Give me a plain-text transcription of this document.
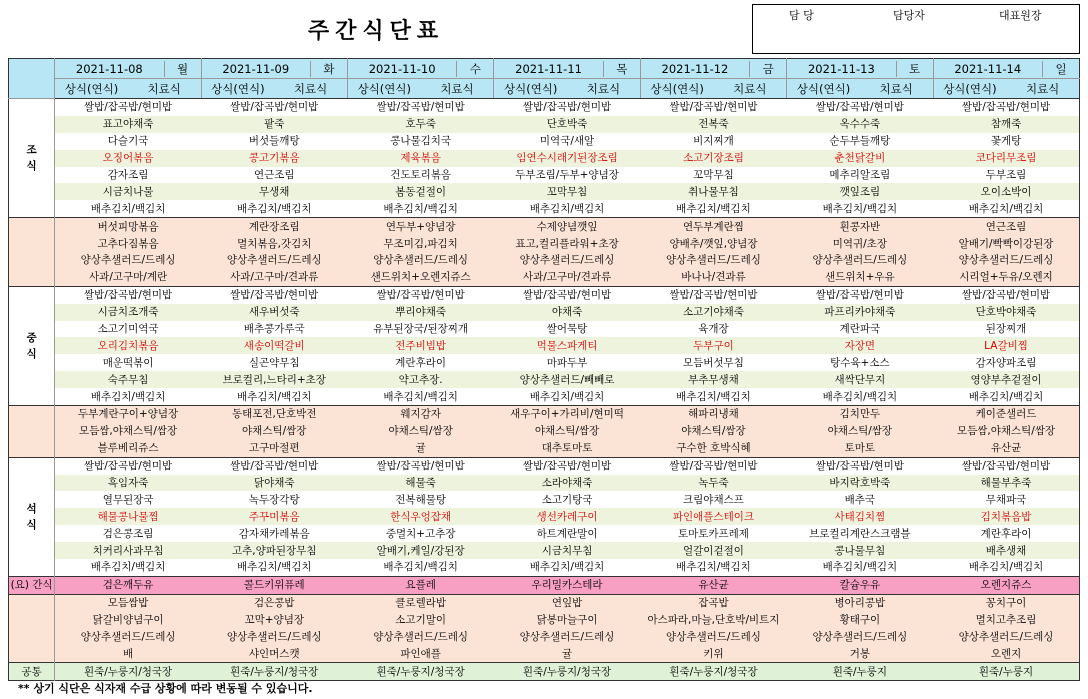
주간식단표
담 당	담당자	대표원장

	2021-11-08 월	2021-11-09 화	2021-11-10 수	2021-11-11 목	2021-11-12 금	2021-11-13 토	2021-11-14 일

	상식(연식) 치료식	상식(연식) 치료식	상식(연식) 치료식	상식(연식) 치료식	상식(연식) 치료식	상식(연식) 치료식	상식(연식) 치료식

조
식	쌀밥/잡곡밥/현미밥	쌀밥/잡곡밥/현미밥	쌀밥/잡곡밥/현미밥	쌀밥/잡곡밥/현미밥	쌀밥/잡곡밥/현미밥	쌀밥/잡곡밥/현미밥	쌀밥/잡곡밥/현미밥
	표고야채죽	팥죽	호두죽	단호박죽	전복죽	옥수수죽	참깨죽
	다슬기국	버섯들깨탕	콩나물김치국	미역국/새알	비지찌개	순두부들깨탕	꽃게탕
	오징어볶음	콩고기볶음	제육볶음	임연수시래기된장조림	소고기장조림	춘천닭갈비	코다리무조림
	감자조림	연근조림	건도토리볶음	두부조림/두부+양념장	꼬막무침	메추리알조림	두부조림
	시금치나물	무생채	봄동겉절이	꼬막무침	취나물무침	깻잎조림	오이소박이
	배추김치/백김치	배추김치/백김치	배추김치/백김치	배추김치/백김치	배추김치/백김치	배추김치/백김치	배추김치/백김치
	버섯피망볶음	계란장조림	연두부+양념장	수제양념깻잎	연두부계란찜	흰콩자반	연근조림
	고추다짐볶음	멸치볶음,갓김치	무조미김,파김치	표고,컬리플라워+초장	양배추/깻잎,양념장	미역귀/초장	알배기/빡빡이강된장
	양상추샐러드/드레싱	양상추샐러드/드레싱	양상추샐러드/드레싱	양상추샐러드/드레싱	양상추샐러드/드레싱	양상추샐러드/드레싱	양상추샐러드/드레싱
	사과/고구마/계란	사과/고구마/견과류	샌드위치+오렌지쥬스	사과/고구마/견과류	바나나/견과류	샌드위치+우유	시리얼+두유/오렌지
중
식	쌀밥/잡곡밥/현미밥	쌀밥/잡곡밥/현미밥	쌀밥/잡곡밥/현미밥	쌀밥/잡곡밥/현미밥	쌀밥/잡곡밥/현미밥	쌀밥/잡곡밥/현미밥	쌀밥/잡곡밥/현미밥
	시금치조개죽	새우버섯죽	뿌리야채죽	야채죽	소고기야채죽	파프리카야채죽	단호박야채죽
	소고기미역국	배추콩가루국	유부된장국/된장찌개	쌀어묵탕	육개장	계란파국	된장찌개
	오리김치볶음	새송이떡갈비	전주비빔밥	먹물스파게티	두부구이	자장면	LA갈비찜
	매운떡볶이	실곤약무침	계란후라이	마파두부	모듬버섯무침	탕수육+소스	감자양파조림
	숙주무침	브로컬리,느타리+초장	약고추장.	양상추샐러드/빼빼로	부추무생채	새싹단무지	영양부추겉절이
	배추김치/백김치	배추김치/백김치	배추김치/백김치	배추김치/백김치	배추김치/백김치	배추김치/백김치	배추김치/백김치
	두부계란구이+양념장	동태포전,단호박전	웨지감자	새우구이+가리비/현미떡	해파리냉채	김치만두	케이준샐러드
	모듬쌈,야채스틱/쌈장	야채스틱/쌈장	야채스틱/쌈장	야채스틱/쌈장	야채스틱/쌈장	야채스틱/쌈장	모듬쌈,야채스틱/쌈장
	블루베리쥬스	고구마절편	귤	대추토마토	구수한 호박식혜	토마토	유산균
석
식	쌀밥/잡곡밥/현미밥	쌀밥/잡곡밥/현미밥	쌀밥/잡곡밥/현미밥	쌀밥/잡곡밥/현미밥	쌀밥/잡곡밥/현미밥	쌀밥/잡곡밥/현미밥	쌀밥/잡곡밥/현미밥
	흑임자죽	닭야채죽	해물죽	소라야채죽	녹두죽	바지락호박죽	해물부추죽
	열무된장국	녹두장각탕	전복해물탕	소고기탕국	크림야채스프	배추국	무채파국
	해물콩나물찜	주꾸미볶음	한식우엉잡채	생선카레구이	파인애플스테이크	사태김치찜	김치볶음밥
	검은콩조림	감자채카레볶음	중멸치+고추장	하트계란말이	토마토카프레제	브로컬리계란스크램블	계란후라이
	치커리사과무침	고추,양파된장무침	알배기,케일/강된장	시금치무침	얼갈이겉절이	콩나물무침	배추생채
	배추김치/백김치	배추김치/백김치	배추김치/백김치	배추김치/백김치	배추김치/백김치	배추김치/백김치	배추김치/백김치
(요) 간식	검은깨두유	콜드키위퓨레	요플레	우리밀카스테라	유산균	칼슘우유	오렌지쥬스
	모듬쌈밥	검은콩밥	클로렐라밥	연잎밥	잡곡밥	병아리콩밥	꽁치구이
	닭갈비양념구이	꼬막+양념장	소고기말이	닭봉마늘구이	아스파라,마늘,단호박/비트지	황태구이	멸치고추조림
	양상추샐러드/드레싱	양상추샐러드/드레싱	양상추샐러드/드레싱	양상추샐러드/드레싱	양상추샐러드/드레싱	양상추샐러드/드레싱	양상추샐러드/드레싱
	배	샤인머스캣	파인애플	귤	키위	거봉	오렌지
공통	흰죽/누룽지/청국장	흰죽/누룽지/청국장	흰죽/누룽지/청국장	흰죽/누룽지/청국장	흰죽/누룽지/청국장	흰죽/누룽지	흰죽/누룽지
** 상기 식단은 식자재 수급 상황에 따라 변동될 수 있습니다.
